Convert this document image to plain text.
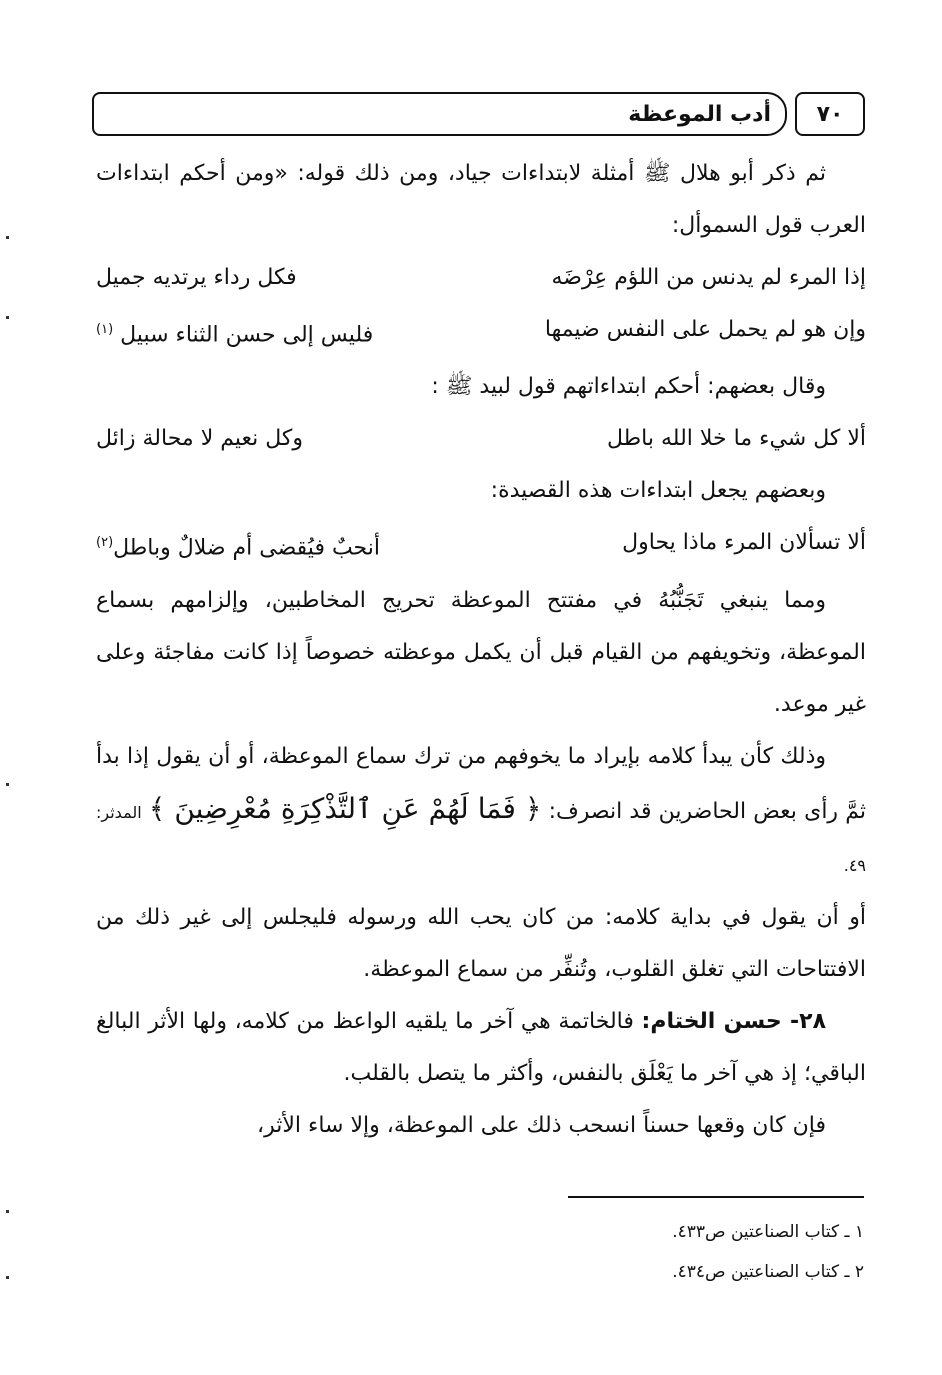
٧٠
أدب الموعظة

ثم ذكر أبو هلال ﷺ أمثلة لابتداءات جياد، ومن ذلك قوله: «ومن أحكم ابتداءات العرب قول السموأل:

إذا المرء لم يدنس من اللؤم عِرْضَه
فكل رداء يرتديه جميل
وإن هو لم يحمل على النفس ضيمها
فليس إلى حسن الثناء سبيل $^{(١)}$

وقال بعضهم: أحكم ابتداءاتهم قول لبيد ﷺ :

ألا كل شيء ما خلا الله باطل
وكل نعيم لا محالة زائل

وبعضهم يجعل ابتداءات هذه القصيدة:

ألا تسألان المرء ماذا يحاول
أنحبٌ فيُقضى أم ضلالٌ وباطل$^{(٢)}$

ومما ينبغي تَجَنُّبُهُ في مفتتح الموعظة تحريج المخاطبين، وإلزامهم بسماع الموعظة، وتخويفهم من القيام قبل أن يكمل موعظته خصوصاً إذا كانت مفاجئة وعلى غير موعد.

وذلك كأن يبدأ كلامه بإيراد ما يخوفهم من ترك سماع الموعظة، أو أن يقول إذا بدأ ثمَّ رأى بعض الحاضرين قد انصرف: ﴿ فَمَا لَهُمْ عَنِ ٱلتَّذْكِرَةِ مُعْرِضِينَ ﴾ المدثر: ٤٩.

أو أن يقول في بداية كلامه: من كان يحب الله ورسوله فليجلس إلى غير ذلك من الافتتاحات التي تغلق القلوب، وتُنفِّر من سماع الموعظة.

٢٨- حسن الختام: فالخاتمة هي آخر ما يلقيه الواعظ من كلامه، ولها الأثر البالغ الباقي؛ إذ هي آخر ما يَعْلَق بالنفس، وأكثر ما يتصل بالقلب.

فإن كان وقعها حسناً انسحب ذلك على الموعظة، وإلا ساء الأثر،

١ ـ كتاب الصناعتين ص٤٣٣.

٢ ـ كتاب الصناعتين ص٤٣٤.
